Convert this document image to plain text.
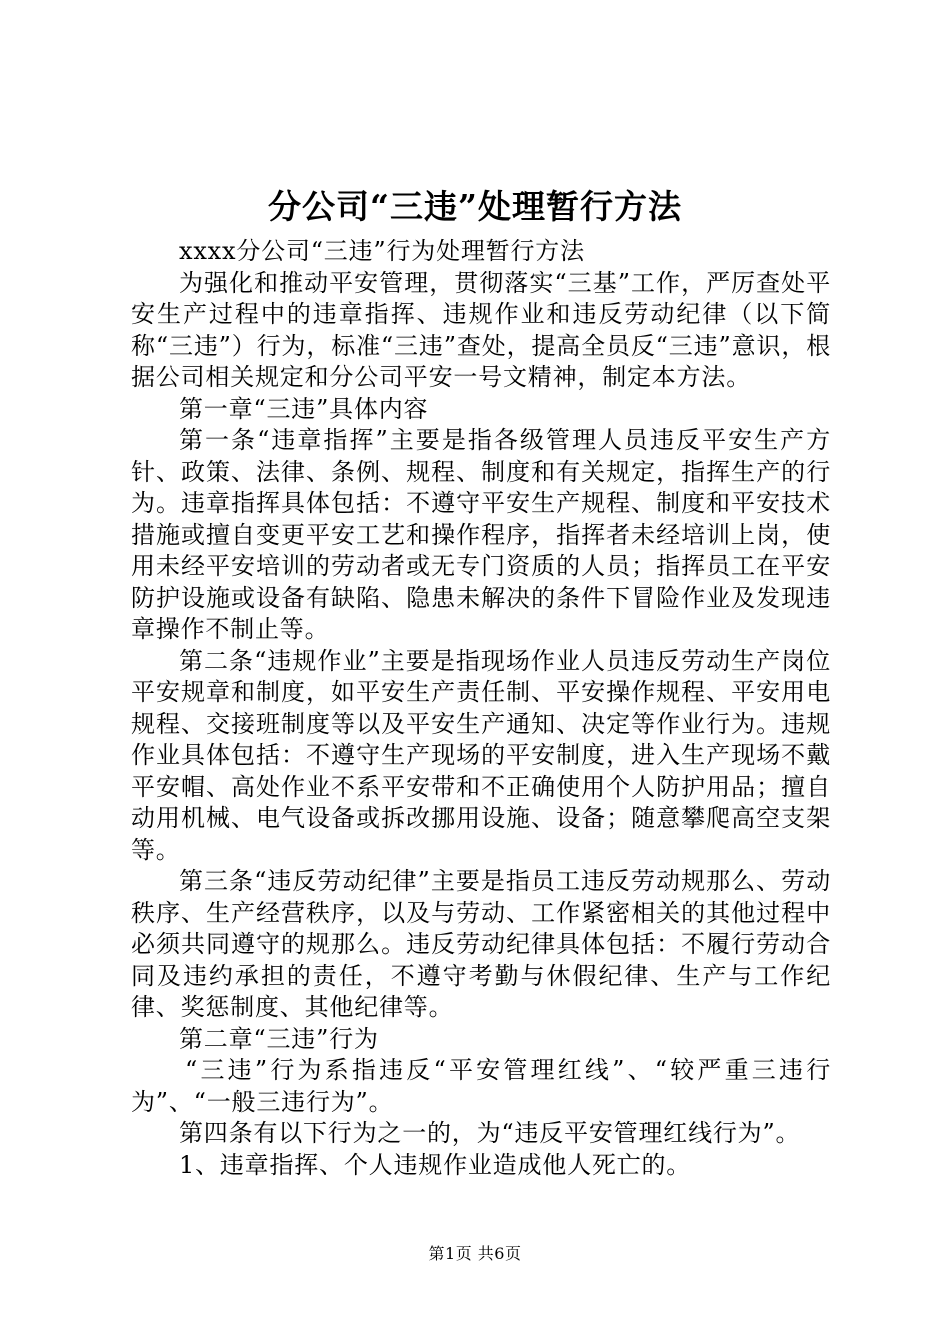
分公司“三违”处理暂行方法

xxxx分公司“三违”行为处理暂行方法

为强化和推动平安管理，贯彻落实“三基”工作，严厉查处平安生产过程中的违章指挥、违规作业和违反劳动纪律（以下简称“三违”）行为，标准“三违”查处，提高全员反“三违”意识，根据公司相关规定和分公司平安一号文精神，制定本方法。

第一章“三违”具体内容

第一条“违章指挥”主要是指各级管理人员违反平安生产方针、政策、法律、条例、规程、制度和有关规定，指挥生产的行为。违章指挥具体包括：不遵守平安生产规程、制度和平安技术措施或擅自变更平安工艺和操作程序，指挥者未经培训上岗，使用未经平安培训的劳动者或无专门资质的人员；指挥员工在平安防护设施或设备有缺陷、隐患未解决的条件下冒险作业及发现违章操作不制止等。

第二条“违规作业”主要是指现场作业人员违反劳动生产岗位平安规章和制度，如平安生产责任制、平安操作规程、平安用电规程、交接班制度等以及平安生产通知、决定等作业行为。违规作业具体包括：不遵守生产现场的平安制度，进入生产现场不戴平安帽、高处作业不系平安带和不正确使用个人防护用品；擅自动用机械、电气设备或拆改挪用设施、设备；随意攀爬高空支架等。

第三条“违反劳动纪律”主要是指员工违反劳动规那么、劳动秩序、生产经营秩序，以及与劳动、工作紧密相关的其他过程中必须共同遵守的规那么。违反劳动纪律具体包括：不履行劳动合同及违约承担的责任，不遵守考勤与休假纪律、生产与工作纪律、奖惩制度、其他纪律等。

第二章“三违”行为

“三违”行为系指违反“平安管理红线”、“较严重三违行为”、“一般三违行为”。

第四条有以下行为之一的，为“违反平安管理红线行为”。

1、违章指挥、个人违规作业造成他人死亡的。

第1页 共6页
